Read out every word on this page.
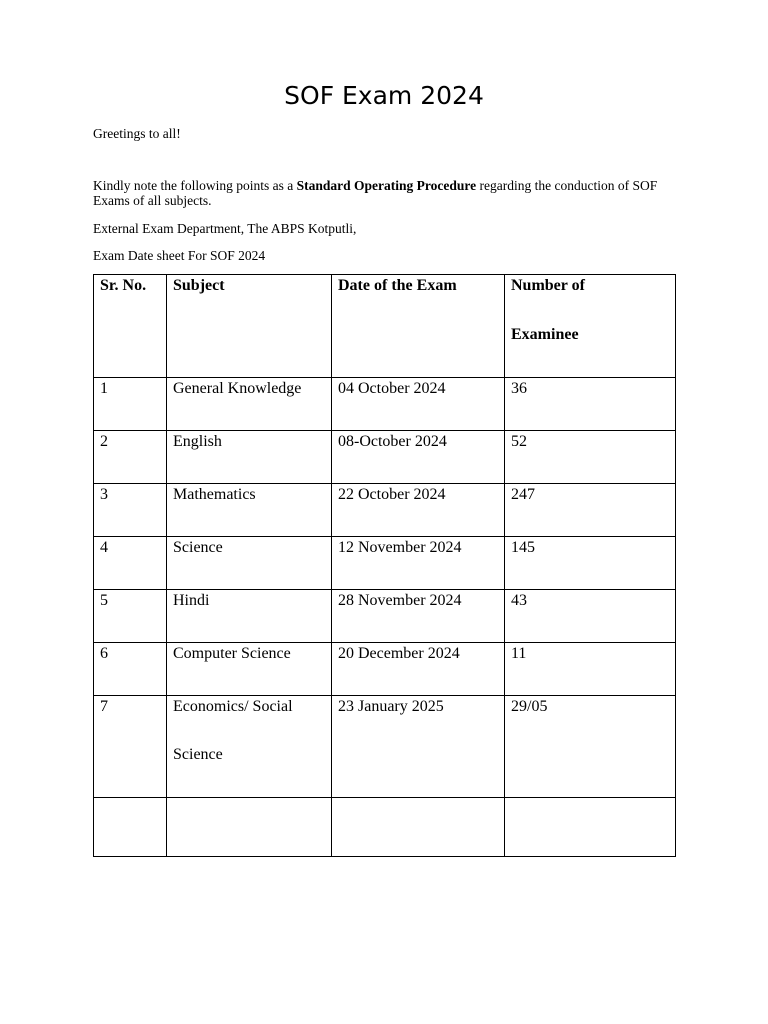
SOF Exam 2024

Greetings to all!

Kindly note the following points as a Standard Operating Procedure regarding the conduction of SOF Exams of all subjects.

External Exam Department, The ABPS Kotputli,

Exam Date sheet For SOF 2024

Sr. No.	Subject	Date of the Exam	Number of
Examinee

1	General Knowledge	04 October 2024	36

2	English	08-October 2024	52

3	Mathematics	22 October 2024	247

4	Science	12 November 2024	145

5	Hindi	28 November 2024	43

6	Computer Science	20 December 2024	11

7	Economics/ Social
Science	23 January 2025	29/05
